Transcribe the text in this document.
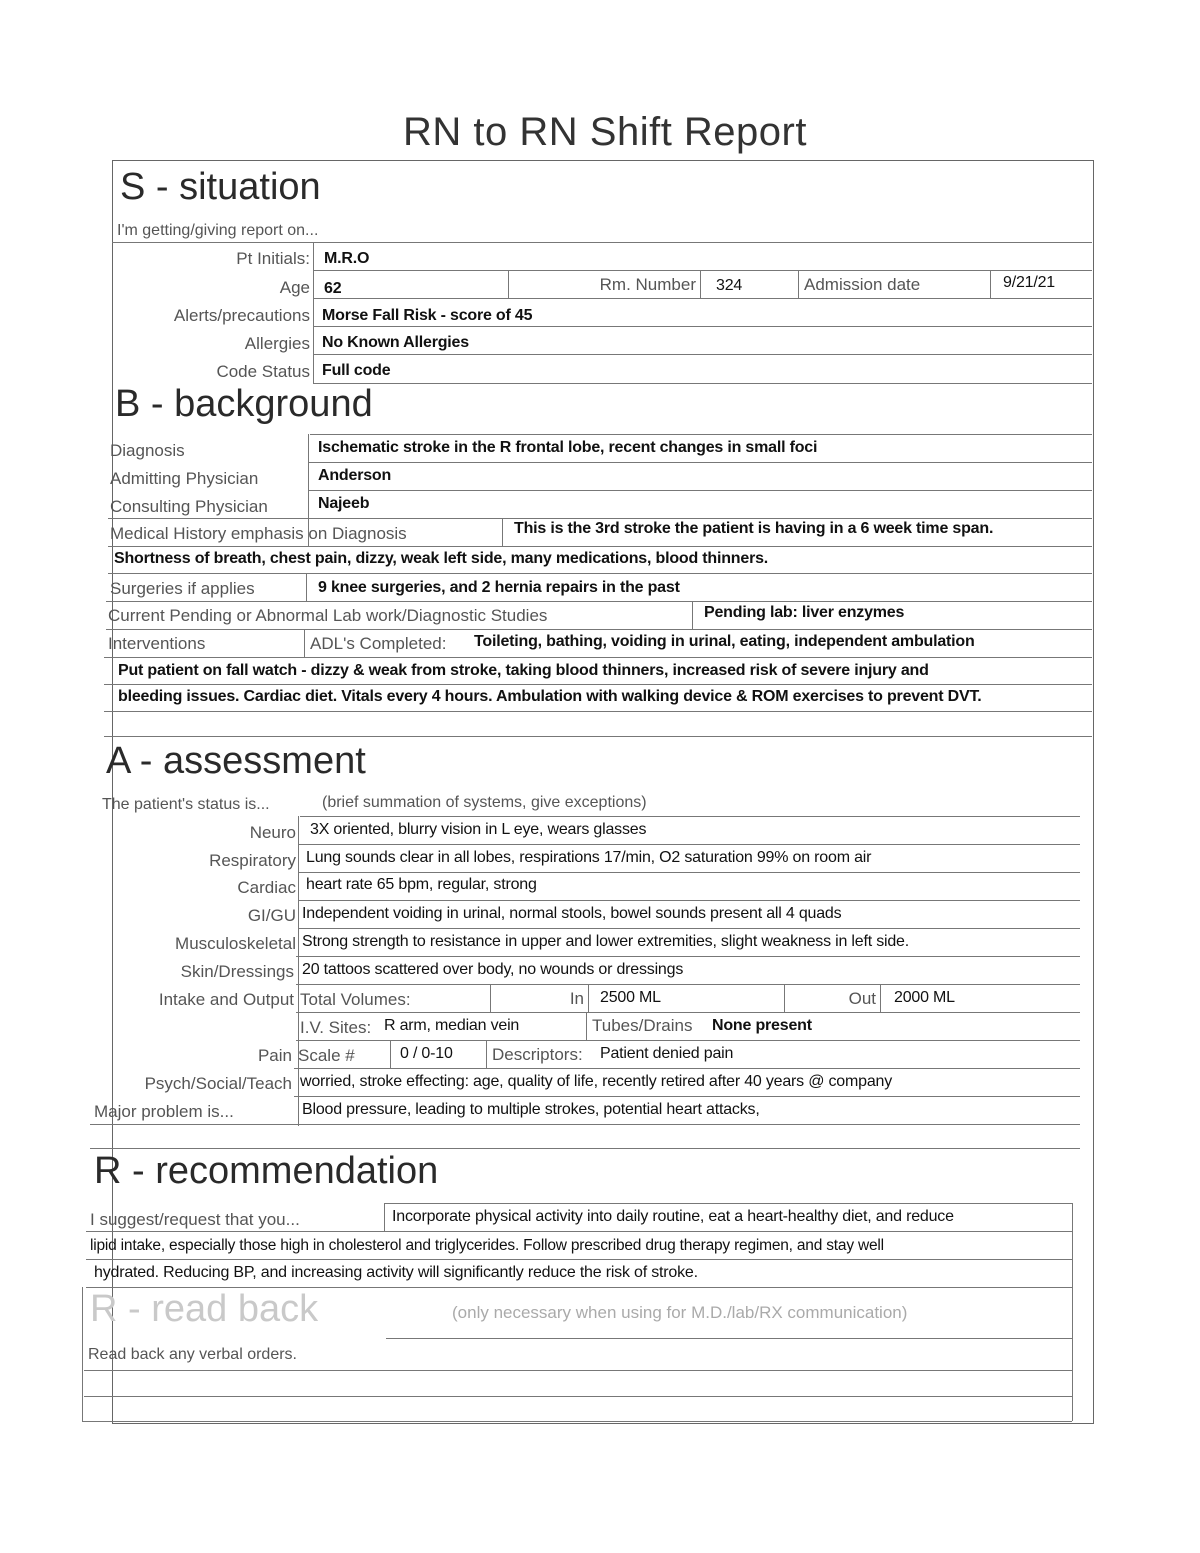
RN to RN Shift Report
S - situation
I'm getting/giving report on...
Pt Initials: M.R.O
Age 62	Rm. Number 324	Admission date	9/21/21
Alerts/precautions Morse Fall Risk - score of 45
Allergies No Known Allergies
Code Status Full code
B - background
Diagnosis	Ischematic stroke in the R frontal lobe, recent changes in small foci
Admitting Physician	Anderson
Consulting Physician	Najeeb
Medical History emphasis on Diagnosis	This is the 3rd stroke the patient is having in a 6 week time span.
Shortness of breath, chest pain, dizzy, weak left side, many medications, blood thinners.
Surgeries if applies	9 knee surgeries, and 2 hernia repairs in the past
Current Pending or Abnormal Lab work/Diagnostic Studies	Pending lab: liver enzymes
Interventions	ADL's Completed: Toileting, bathing, voiding in urinal, eating, independent ambulation
Put patient on fall watch - dizzy & weak from stroke, taking blood thinners, increased risk of severe injury and
bleeding issues. Cardiac diet. Vitals every 4 hours. Ambulation with walking device & ROM exercises to prevent DVT.
A - assessment
The patient's status is...	(brief summation of systems, give exceptions)
Neuro 3X oriented, blurry vision in L eye, wears glasses
Respiratory Lung sounds clear in all lobes, respirations 17/min, O2 saturation 99% on room air
Cardiac heart rate 65 bpm, regular, strong
GI/GU Independent voiding in urinal, normal stools, bowel sounds present all 4 quads
Musculoskeletal Strong strength to resistance in upper and lower extremities, slight weakness in left side.
Skin/Dressings 20 tattoos scattered over body, no wounds or dressings
Intake and Output Total Volumes:	In 2500 ML	Out 2000 ML
I.V. Sites: R arm, median vein	Tubes/Drains None present
Pain Scale #	0 / 0-10 Descriptors: Patient denied pain
Psych/Social/Teach worried, stroke effecting: age, quality of life, recently retired after 40 years @ company
Major problem is...	Blood pressure, leading to multiple strokes, potential heart attacks,
R - recommendation
I suggest/request that you...	Incorporate physical activity into daily routine, eat a heart-healthy diet, and reduce
lipid intake, especially those high in cholesterol and triglycerides. Follow prescribed drug therapy regimen, and stay well
hydrated. Reducing BP, and increasing activity will significantly reduce the risk of stroke.
R - read back	(only necessary when using for M.D./lab/RX communication)
Read back any verbal orders.
